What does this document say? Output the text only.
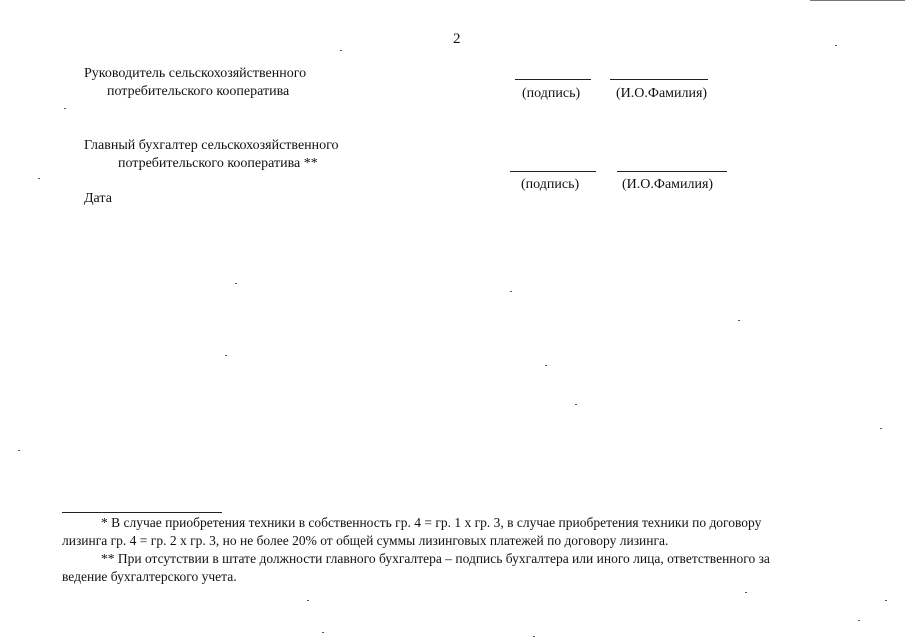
2
Руководитель сельскохозяйственного
потребительского кооператива	(подпись)	(И.О.Фамилия)
Главный бухгалтер сельскохозяйственного
потребительского кооператива **
(подпись)	(И.О.Фамилия)
Дата
* В случае приобретения техники в собственность гр. 4 = гр. 1 х гр. 3, в случае приобретения техники по договору
лизинга гр. 4 = гр. 2 х гр. 3, но не более 20% от общей суммы лизинговых платежей по договору лизинга.
** При отсутствии в штате должности главного бухгалтера – подпись бухгалтера или иного лица, ответственного за
ведение бухгалтерского учета.
